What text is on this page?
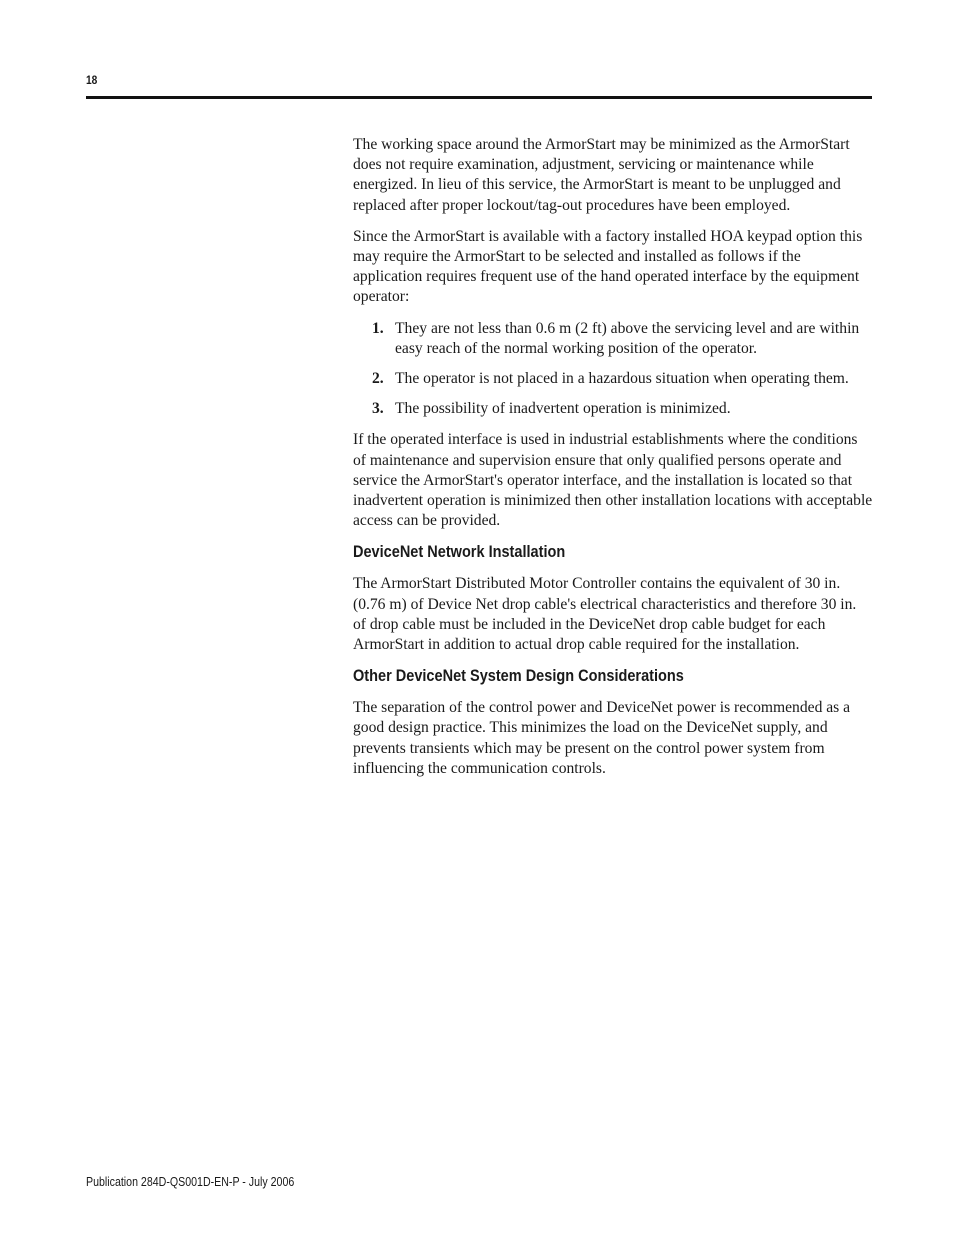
18

The working space around the ArmorStart may be minimized as the ArmorStart does not require examination, adjustment, servicing or maintenance while energized. In lieu of this service, the ArmorStart is meant to be unplugged and replaced after proper lockout/tag-out procedures have been employed.

Since the ArmorStart is available with a factory installed HOA keypad option this may require the ArmorStart to be selected and installed as follows if the application requires frequent use of the hand operated interface by the equipment operator:

1. They are not less than 0.6 m (2 ft) above the servicing level and are within easy reach of the normal working position of the operator.
2. The operator is not placed in a hazardous situation when operating them.
3. The possibility of inadvertent operation is minimized.

If the operated interface is used in industrial establishments where the conditions of maintenance and supervision ensure that only qualified persons operate and service the ArmorStart's operator interface, and the installation is located so that inadvertent operation is minimized then other installation locations with acceptable access can be provided.

DeviceNet Network Installation

The ArmorStart Distributed Motor Controller contains the equivalent of 30 in. (0.76 m) of Device Net drop cable's electrical characteristics and therefore 30 in. of drop cable must be included in the DeviceNet drop cable budget for each ArmorStart in addition to actual drop cable required for the installation.

Other DeviceNet System Design Considerations

The separation of the control power and DeviceNet power is recommended as a good design practice. This minimizes the load on the DeviceNet supply, and prevents transients which may be present on the control power system from influencing the communication controls.

Publication 284D-QS001D-EN-P - July 2006
